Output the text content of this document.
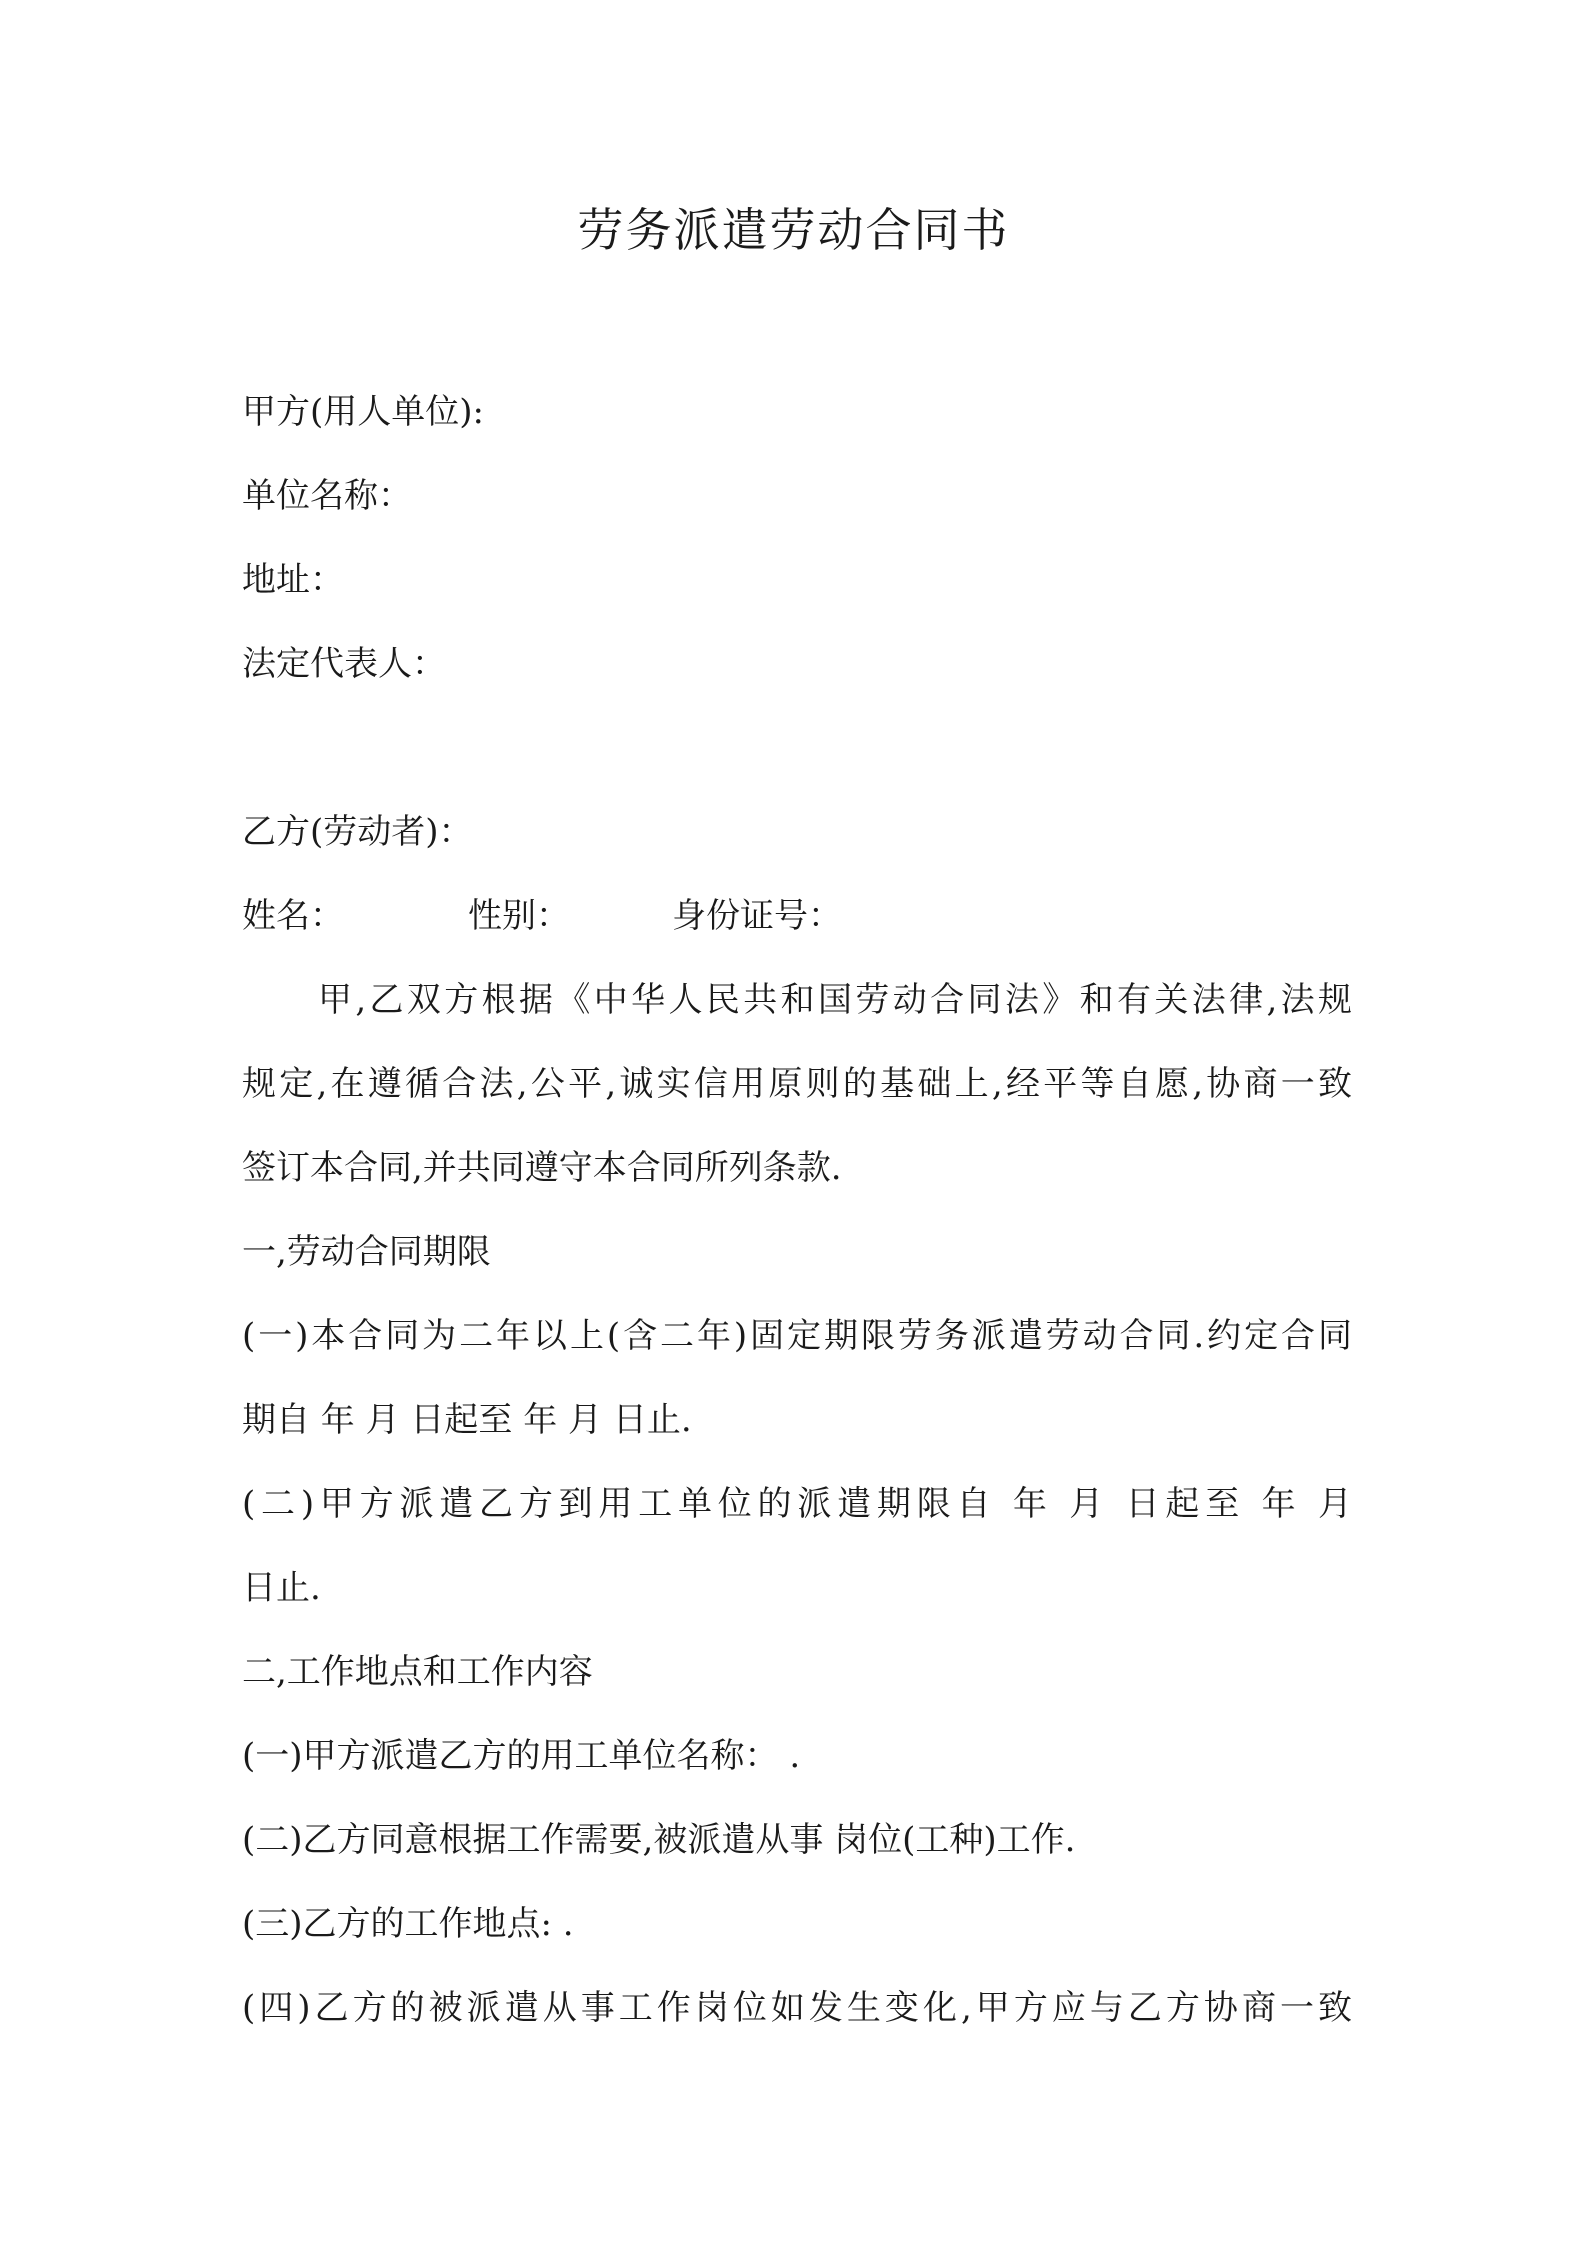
劳务派遣劳动合同书
甲方(用人单位):
单位名称：
地址：
法定代表人：
乙方(劳动者)：
姓名：	性别：	身份证号：
甲,乙双方根据《中华人民共和国劳动合同法》和有关法律,法规
规定,在遵循合法,公平,诚实信用原则的基础上,经平等自愿,协商一致
签订本合同,并共同遵守本合同所列条款.
一,劳动合同期限
(一)本合同为二年以上(含二年)固定期限劳务派遣劳动合同.约定合同
期自 年 月 日起至 年 月 日止.
(二)甲方派遣乙方到用工单位的派遣期限自 年 月 日起至 年 月
日止.
二,工作地点和工作内容
(一)甲方派遣乙方的用工单位名称： .
(二)乙方同意根据工作需要,被派遣从事 岗位(工种)工作.
(三)乙方的工作地点: .
(四)乙方的被派遣从事工作岗位如发生变化,甲方应与乙方协商一致
